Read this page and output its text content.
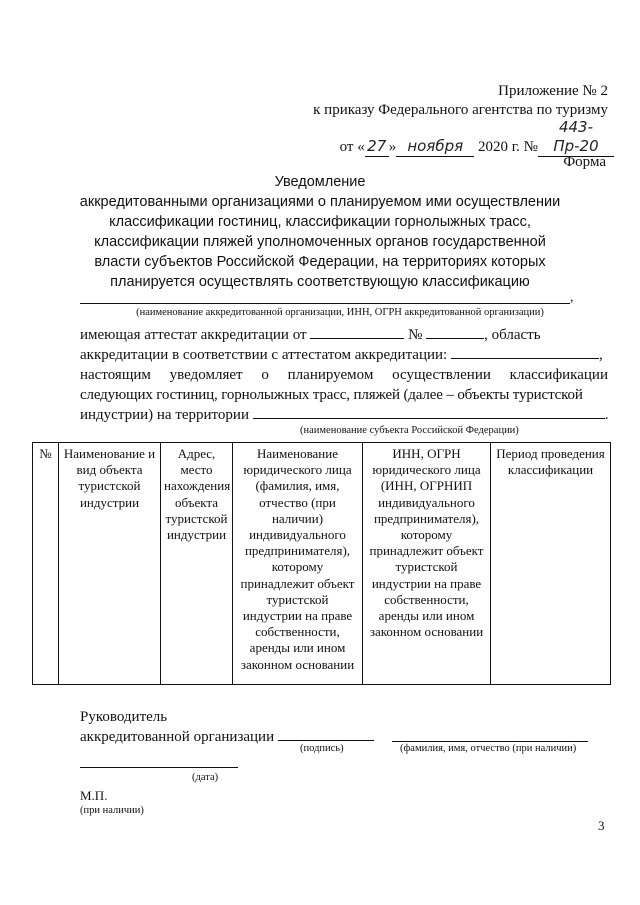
Приложение № 2
к приказу Федерального агентства по туризму
от « 27 » ноября 2020 г. №443-Пр-20
Форма
Уведомление
аккредитованными организациями о планируемом ими осуществлении
классификации гостиниц, классификации горнолыжных трасс,
классификации пляжей уполномоченных органов государственной
власти субъектов Российской Федерации, на территориях которых
планируется осуществлять соответствующую классификацию
,
(наименование аккредитованной организации, ИНН, ОГРН аккредитованной организации)
имеющая аттестат аккредитации от	№	, область
аккредитации в соответствии с аттестатом аккредитации:	,
настоящим уведомляет о планируемом осуществлении классификации
следующих гостиниц, горнолыжных трасс, пляжей (далее – объекты туристской
индустрии) на территории	.
(наименование субъекта Российской Федерации)
№	Наименование и вид объекта туристской индустрии	Адрес, место нахождения объекта туристской индустрии	Наименование юридического лица (фамилия, имя, отчество (при наличии) индивидуального предпринимателя), которому принадлежит объект туристской индустрии на праве собственности, аренды или ином законном основании	ИНН, ОГРН юридического лица (ИНН, ОГРНИП индивидуального предпринимателя), которому принадлежит объект туристской индустрии на праве собственности, аренды или ином законном основании	Период проведения классификации
Руководитель
аккредитованной организации
(подпись)	(фамилия, имя, отчество (при наличии)
(дата)
М.П.
(при наличии)
3
